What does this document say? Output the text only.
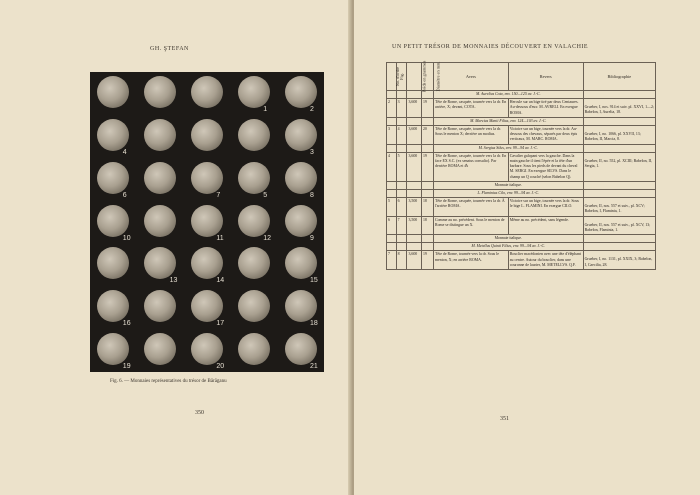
GH. ŞTEFAN
1	2
3
4
5
6	7	8
9
10	11	12
13	14	15
16	17	18
19	20	21
Fig. 6. — Monnaies représentatives du trésor de Bărăganu
350
UN PETIT TRÉSOR DE MONNAIES DÉCOUVERT EN VALACHIE
351
No. d'ordre	Fig.	Poids en grammes	Diamètre en mm.	Avers	Revers	Bibliographie
				M. Aurelius Cota, env. 150—125 av. J.-C.		
2	3	3,600	19	Tête de Rome, casquée, tournée vers la dr. En arrière, X; devant, COTA.	Hercule sur un bige tiré par deux Centaures. Au-dessous d'eux: M. AVRELI. En exergue ROMA.	Grueber, I, nos. 914 et suiv. pl. XXVI, 1—2; Babelon, I, Aurelia, 18.
				M. Marcius Manii Filius, env. 124—103 av. J.-C.		
3	4	3,600	20	Tête de Rome, casquée, tournée vers la dr. Sous le menton X; derrière un modius.	Victoire sur un bige, tournée vers la dr. Au-dessous des chevaux, séparés par deux épis verticaux, M. MARC. ROMA.	Grueber, I, no. 1066, pl. XXVII, 13; Babelon, II, Marcia, 8.
				M. Sergius Silus, env. 99—94 av. J.-C.		
4	5	3,600	19	Tête de Rome, casquée, tournée vers la dr. En face EX S.C. (ex senatus consulto). Par derrière ROMA et ⁂	Cavalier galopant vers la gauche. Dans la main gauche il tient l'épée et la tête d'un barbare. Sous les pieds de devant du cheval M. SERGI. En exergue SILVS. Dans le champ un Q couché (selon Babelon Q).	Grueber, II, no. 552, pl. XCIII; Babelon, II, Sergia, 1.
				Monnaie italique.		
				L. Flaminius Cilo, env. 99—94 av. J.-C.		
5	6	3,500	18	Tête de Rome, casquée, tournée vers la dr. À l'arrière ROMA.	Victoire sur un bige, tournée vers la dr. Sous le bige L. FLAMINI. En exergue CILO.	Grueber, II, nos. 557 et suiv., pl. XCV; Babelon, I, Flaminia, 1.
6	7	3,500	18	Comme au no. précédent. Sous le menton de Rome se distingue un X.	Même au no. précédent, sans légende.	Grueber, II, nos. 557 et suiv., pl. XCV, 13; Babelon, Flaminia, 1.
				Monnaie italique.		
				M. Metellus Quinti Filius, env. 99—94 av. J.-C.		
7	8	3,600	19	Tête de Rome, tournée vers la dr. Sous le menton, X; en arrière ROMA.	Bouclier macédonien avec une tête d'éléphant au centre. Autour du bouclier, dans une couronne de laurier, M. METELLVS. Q.F.	Grueber, I, no. 1131, pl. XXIX, 3; Babelon, I, Caecilia, 28.
